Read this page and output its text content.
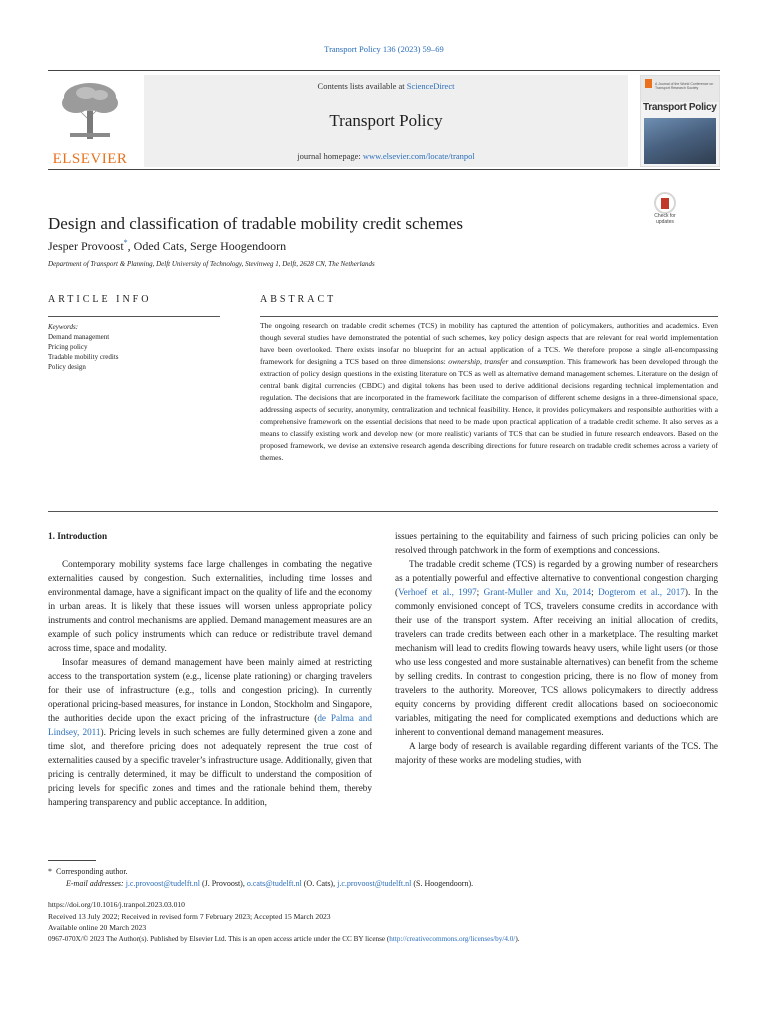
Transport Policy 136 (2023) 59–69
ELSEVIER
Contents lists available at ScienceDirect
Transport Policy
journal homepage: www.elsevier.com/locate/tranpol
A Journal of the World Conference on Transport Research Society
Transport Policy
Design and classification of tradable mobility credit schemes
Jesper Provoost*, Oded Cats, Serge Hoogendoorn
Department of Transport & Planning, Delft University of Technology, Stevinweg 1, Delft, 2628 CN, The Netherlands
Check for
updates
ARTICLE INFO	ABSTRACT
Keywords:
Demand management
Pricing policy
Tradable mobility credits
Policy design
The ongoing research on tradable credit schemes (TCS) in mobility has captured the attention of policymakers, authorities and academics. Even though several studies have demonstrated the potential of such schemes, key policy design aspects that are relevant for real world implementation have been overlooked. There exists insofar no blueprint for an actual application of a TCS. We therefore propose a single all-encompassing framework for designing a TCS based on three dimensions: ownership, transfer and consumption. This framework has been developed through the extraction of policy design questions in the existing literature on TCS as well as alternative demand management schemes. Literature on the design of central bank digital currencies (CBDC) and digital tokens has been used to derive additional decisions regarding technical implementation and regulation. The decisions that are incorporated in the framework facilitate the comparison of different scheme designs in a three-dimensional space, addressing aspects of security, anonymity, centralization and technical feasibility. Hence, it provides policymakers and responsible authorities with a comprehensive framework on the essential decisions that need to be made upon practical application of a tradable credit scheme. It also serves as a means to classify existing work and develop new (or more realistic) variants of TCS that can be studied in future research endeavors. Based on the proposed framework, we devise an extensive research agenda describing directions for future research on tradable credit schemes across a variety of themes.
1. Introduction

Contemporary mobility systems face large challenges in combating the negative externalities caused by congestion. Such externalities, including time losses and environmental damage, have a significant impact on the quality of life and the economy in urban areas. It is likely that these issues will worsen unless appropriate policy instruments and control mechanisms are applied. Demand management measures are an example of such policy instruments which can reduce or redistribute travel demand across time, space and modality.

Insofar measures of demand management have been mainly aimed at restricting access to the transportation system (e.g., license plate rationing) or charging travelers for their use of infrastructure (e.g., tolls and congestion pricing). In currently operational pricing-based measures, for instance in London, Stockholm and Singapore, the authorities decide upon the exact pricing of the infrastructure (de Palma and Lindsey, 2011). Pricing levels in such schemes are fully determined given a zone and time slot, and therefore pricing does not adequately represent the true cost of externalities caused by a specific traveler’s infrastructure usage. Additionally, given that pricing is centrally determined, it may be difficult to understand the composition of pricing levels for specific zones and times and the rationale behind them, thereby hampering transparency and public acceptance. In addition,

issues pertaining to the equitability and fairness of such pricing policies can only be resolved through patchwork in the form of exemptions and concessions.

The tradable credit scheme (TCS) is regarded by a growing number of researchers as a potentially powerful and effective alternative to conventional congestion charging (Verhoef et al., 1997; Grant-Muller and Xu, 2014; Dogterom et al., 2017). In the commonly envisioned concept of TCS, travelers consume credits in accordance with their use of the transport system. After receiving an initial allocation of credits, travelers can trade credits between each other in a marketplace. The resulting market mechanism will lead to credits flowing towards heavy users, while light users (or those who use less congested and more sustainable alternatives) can benefit from the scheme by selling credits. In contrast to congestion pricing, there is no flow of money from travelers to the authority. Moreover, TCS allows policymakers to directly address equity concerns by providing different credit allocations based on socioeconomic variables, mitigating the need for complicated exemptions and deductions which are inherent to conventional demand management measures.

A large body of research is available regarding different variants of the TCS. The majority of these works are modeling studies, with

* Corresponding author.
E-mail addresses: j.c.provoost@tudelft.nl (J. Provoost), o.cats@tudelft.nl (O. Cats), j.c.provoost@tudelft.nl (S. Hoogendoorn).
https://doi.org/10.1016/j.tranpol.2023.03.010
Received 13 July 2022; Received in revised form 7 February 2023; Accepted 15 March 2023
Available online 20 March 2023
0967-070X/© 2023 The Author(s). Published by Elsevier Ltd. This is an open access article under the CC BY license (http://creativecommons.org/licenses/by/4.0/).
